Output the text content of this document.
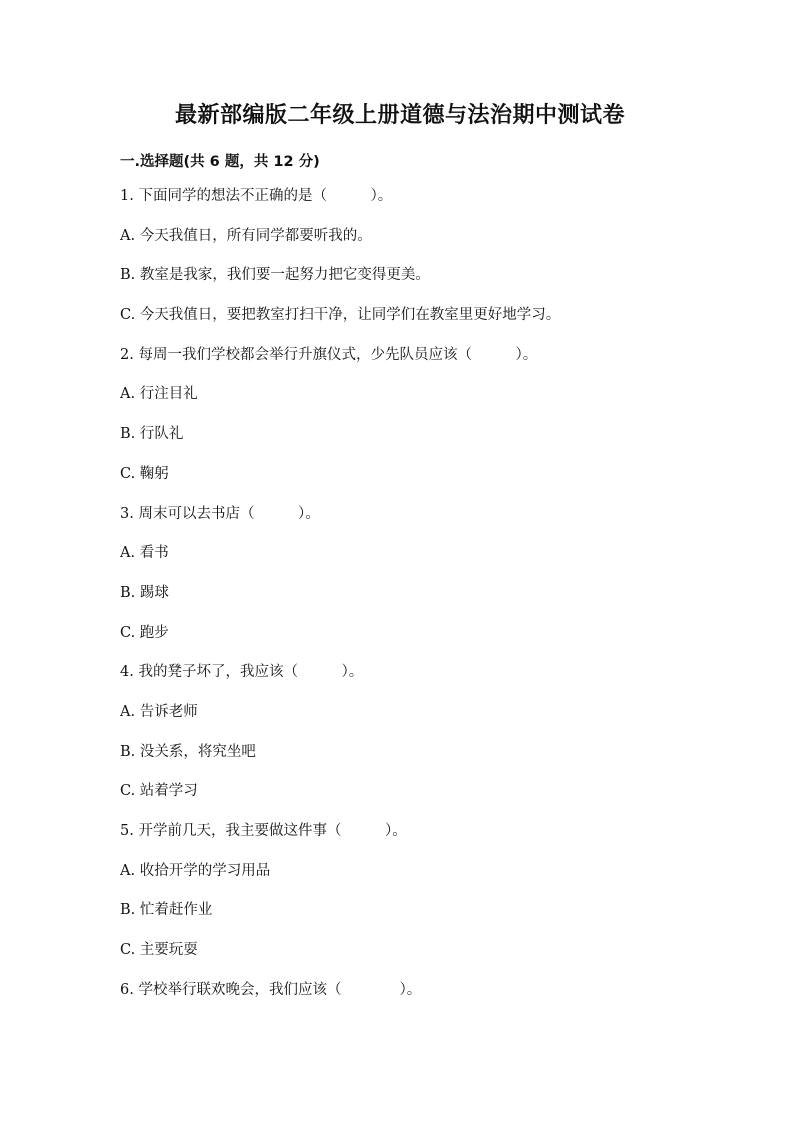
最新部编版二年级上册道德与法治期中测试卷
一.选择题(共 6 题，共 12 分)
1. 下面同学的想法不正确的是（　　　）。
A. 今天我值日，所有同学都要听我的。
B. 教室是我家，我们要一起努力把它变得更美。
C. 今天我值日，要把教室打扫干净，让同学们在教室里更好地学习。
2. 每周一我们学校都会举行升旗仪式，少先队员应该（　　　）。
A. 行注目礼
B. 行队礼
C. 鞠躬
3. 周末可以去书店（　　　）。
A. 看书
B. 踢球
C. 跑步
4. 我的凳子坏了，我应该（　　　）。
A. 告诉老师
B. 没关系，将究坐吧
C. 站着学习
5. 开学前几天，我主要做这件事（　　　）。
A. 收拾开学的学习用品
B. 忙着赶作业
C. 主要玩耍
6. 学校举行联欢晚会，我们应该（　　　　）。
